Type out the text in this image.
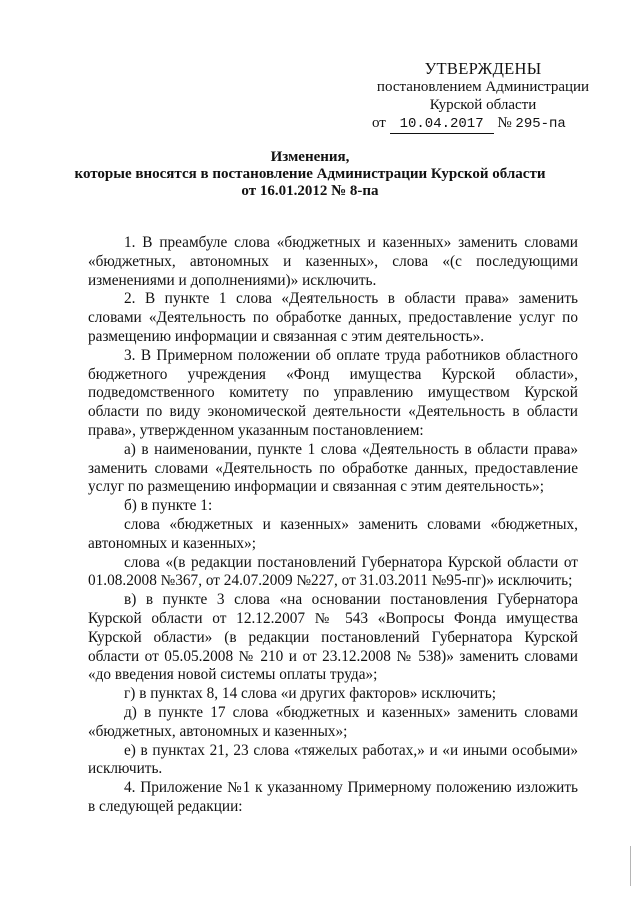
УТВЕРЖДЕНЫ
постановлением Администрации
Курской области
от 10.04.2017 № 295-па
Изменения,
которые вносятся в постановление Администрации Курской области
от 16.01.2012 № 8-па

1. В преамбуле слова «бюджетных и казенных» заменить словами «бюджетных, автономных и казенных», слова «(с последующими изменениями и дополнениями)» исключить.

2. В пункте 1 слова «Деятельность в области права» заменить словами «Деятельность по обработке данных, предоставление услуг по размещению информации и связанная с этим деятельность».

3. В Примерном положении об оплате труда работников областного бюджетного учреждения «Фонд имущества Курской области», подведомственного комитету по управлению имуществом Курской области по виду экономической деятельности «Деятельность в области права», утвержденном указанным постановлением:

а) в наименовании, пункте 1 слова «Деятельность в области права» заменить словами «Деятельность по обработке данных, предоставление услуг по размещению информации и связанная с этим деятельность»;

б) в пункте 1:

слова «бюджетных и казенных» заменить словами «бюджетных, автономных и казенных»;

слова «(в редакции постановлений Губернатора Курской области от 01.08.2008 №367, от 24.07.2009 №227, от 31.03.2011 №95-пг)» исключить;

в) в пункте 3 слова «на основании постановления Губернатора Курской области от 12.12.2007 № 543 «Вопросы Фонда имущества Курской области» (в редакции постановлений Губернатора Курской области от 05.05.2008 № 210 и от 23.12.2008 № 538)» заменить словами «до введения новой системы оплаты труда»;

г) в пунктах 8, 14 слова «и других факторов» исключить;

д) в пункте 17 слова «бюджетных и казенных» заменить словами «бюджетных, автономных и казенных»;

е) в пунктах 21, 23 слова «тяжелых работах,» и «и иными особыми» исключить.

4. Приложение №1 к указанному Примерному положению изложить в следующей редакции:
